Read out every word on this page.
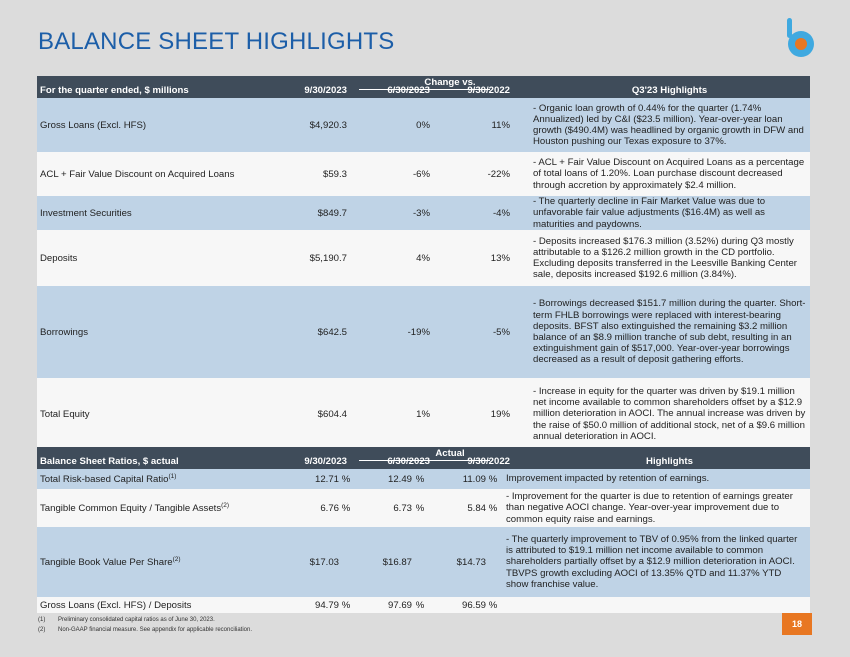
BALANCE SHEET HIGHLIGHTS
Change vs.
For the quarter ended, $ millions	9/30/2023	6/30/2023	9/30/2022	Q3'23 Highlights
Gross Loans (Excl. HFS)	$4,920.3	0%	11%
- Organic loan growth of 0.44% for the quarter (1.74% Annualized) led by C&I ($23.5 million). Year-over-year loan growth ($490.4M) was headlined by organic growth in DFW and Houston pushing our Texas exposure to 37%.
ACL + Fair Value Discount on Acquired Loans	$59.3	-6%	-22%
- ACL + Fair Value Discount on Acquired Loans as a percentage of total loans of 1.20%. Loan purchase discount decreased through accretion by approximately $2.4 million.
Investment Securities	$849.7	-3%	-4%
- The quarterly decline in Fair Market Value was due to unfavorable fair value adjustments ($16.4M) as well as maturities and paydowns.
Deposits	$5,190.7	4%	13%
- Deposits increased $176.3 million (3.52%) during Q3 mostly attributable to a $126.2 million growth in the CD portfolio. Excluding deposits transferred in the Leesville Banking Center sale, deposits increased $192.6 million (3.84%).
Borrowings	$642.5	-19%	-5%
- Borrowings decreased $151.7 million during the quarter. Short-term FHLB borrowings were replaced with interest-bearing deposits. BFST also extinguished the remaining $3.2 million balance of an $8.9 million tranche of sub debt, resulting in an extinguishment gain of $517,000. Year-over-year borrowings decreased as a result of deposit gathering efforts.
Total Equity	$604.4	1%	19%
- Increase in equity for the quarter was driven by $19.1 million net income available to common shareholders offset by a $12.9 million deterioration in AOCI. The annual increase was driven by the raise of $50.0 million of additional stock, net of a $9.6 million annual deterioration in AOCI.
Actual
Balance Sheet Ratios, $ actual	9/30/2023	6/30/2023	9/30/2022	Highlights
Total Risk-based Capital Ratio$^{(1)}$	12.71 %	12.49 %	11.09 % Improvement impacted by retention of earnings.
Tangible Common Equity / Tangible Assets$^{(2)}$	6.76 %	6.73 %	5.84 %
- Improvement for the quarter is due to retention of earnings greater than negative AOCI change. Year-over-year improvement due to common equity raise and earnings.
Tangible Book Value Per Share$^{(2)}$	$17.03	$16.87	$14.73
- The quarterly improvement to TBV of 0.95% from the linked quarter is attributed to $19.1 million net income available to common shareholders partially offset by a $12.9 million deterioration in AOCI. TBVPS growth excluding AOCI of 13.35% QTD and 11.37% YTD show franchise value.
Gross Loans (Excl. HFS) / Deposits	94.79 %	97.69 %	96.59 %
(1) Preliminary consolidated capital ratios as of June 30, 2023.
(2) Non-GAAP financial measure. See appendix for applicable reconciliation.
18
